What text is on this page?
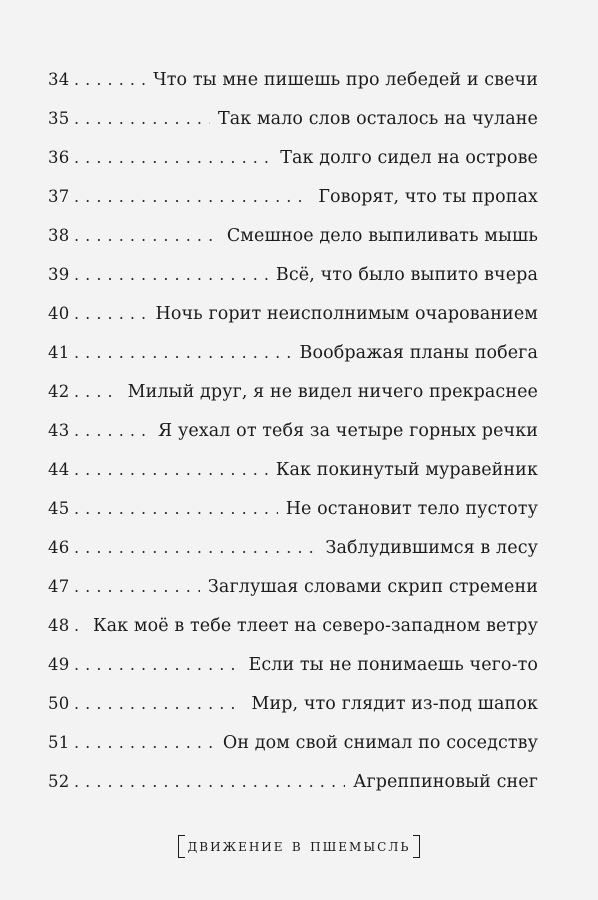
34 . . .	Что ты мне пишешь про лебедей и свечи
35 . . .	Так мало слов осталось на чулане
36 . . .	Так долго сидел на острове
37 . . .	Говорят, что ты пропах
38 . . .	Смешное дело выпиливать мышь
39 . . .	Всё, что было выпито вчера
40 . . .	Ночь горит неисполнимым очарованием
41 . . .	Воображая планы побега
42 . . .	Милый друг, я не видел ничего прекраснее
43 . . .	Я уехал от тебя за четыре горных речки
44 . . .	Как покинутый муравейник
45 . . .	Не остановит тело пустоту
46 . . .	Заблудившимся в лесу
47 . . .	Заглушая словами скрип стремени
48 . . . Как моё в тебе тлеет на северо-западном ветру
49 . . .	Если ты не понимаешь чего-то
50 . . .	Мир, что глядит из-под шапок
51 . . .	Он дом свой снимал по соседству
52 . . .	Агреппиновый снег
движение в пшемысль
